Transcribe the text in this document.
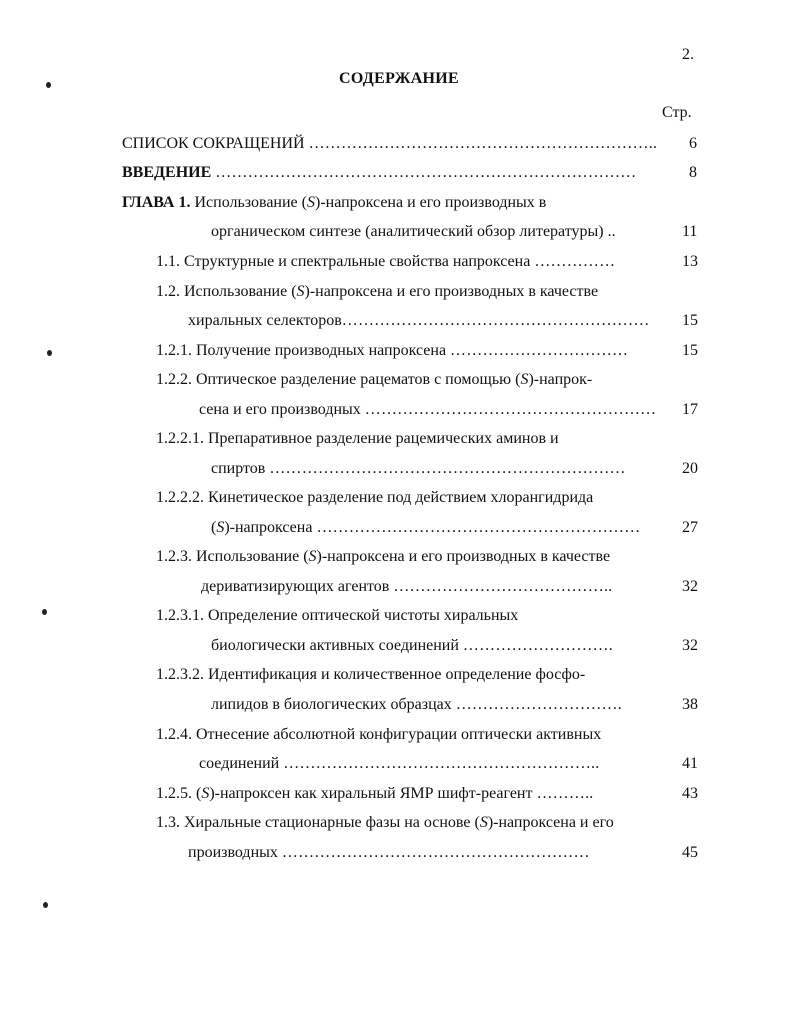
2.
СОДЕРЖАНИЕ
Стр.
СПИСОК СОКРАЩЕНИЙ ……………………………………………………….. 6
ВВЕДЕНИЕ ……………………………………………………………………	8
ГЛАВА 1. Использование (S)-напроксена и его производных в
органическом синтезе (аналитический обзор литературы) ..	11
1.1. Структурные и спектральные свойства напроксена ……………	13
1.2. Использование (S)-напроксена и его производных в качестве
хиральных селекторов………………………………………………… 15
1.2.1. Получение производных напроксена ……………………………	15
1.2.2. Оптическое разделение рацематов с помощью (S)-напрок-
сена и его производных ……………………………………………… 17
1.2.2.1. Препаративное разделение рацемических аминов и
спиртов …………………………………………………………	20
1.2.2.2. Кинетическое разделение под действием хлорангидрида
(S)-напроксена ……………………………………………………	27
1.2.3. Использование (S)-напроксена и его производных в качестве
дериватизирующих агентов …………………………………..	32
1.2.3.1. Определение оптической чистоты хиральных
биологически активных соединений ……………………….	32
1.2.3.2. Идентификация и количественное определение фосфо-
липидов в биологических образцах ………………………….	38
1.2.4. Отнесение абсолютной конфигурации оптически активных
соединений …………………………………………………..	41
1.2.5. (S)-напроксен как хиральный ЯМР шифт-реагент ………..	43
1.3. Хиральные стационарные фазы на основе (S)-напроксена и его
производных …………………………………………………	45
